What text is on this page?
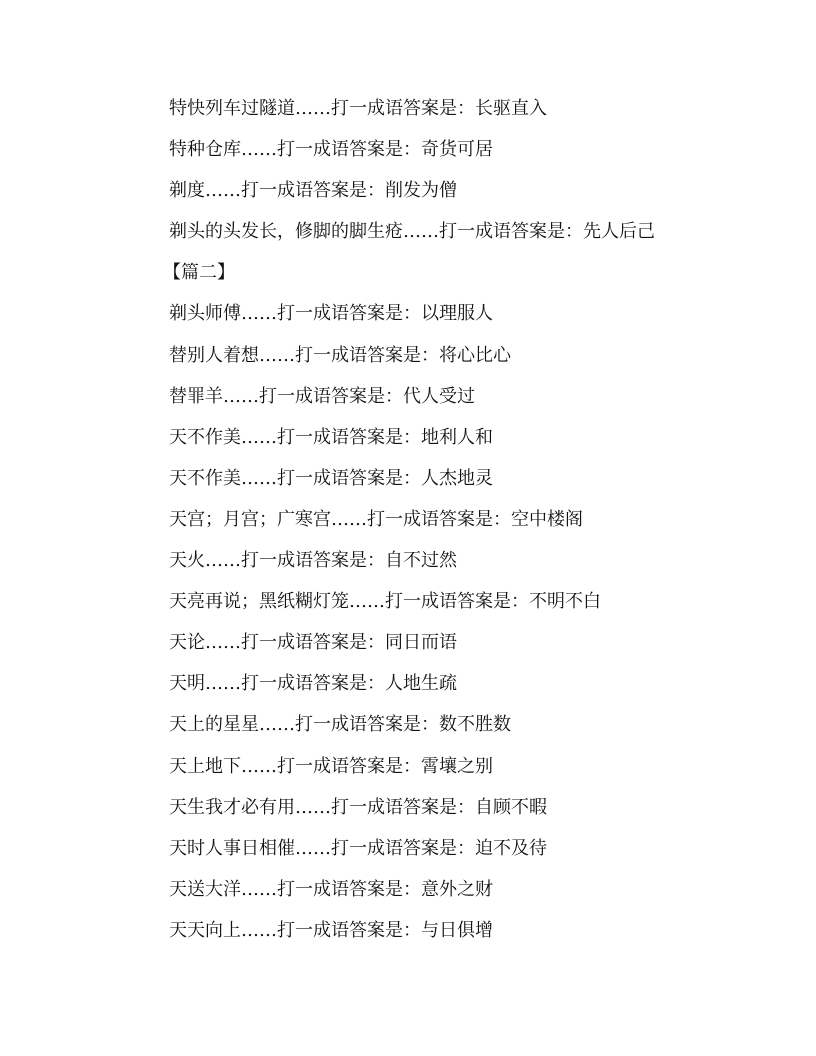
特快列车过隧道……打一成语答案是：长驱直入
特种仓库……打一成语答案是：奇货可居
剃度……打一成语答案是：削发为僧
剃头的头发长，修脚的脚生疮……打一成语答案是：先人后己
【篇二】
剃头师傅……打一成语答案是：以理服人
替别人着想……打一成语答案是：将心比心
替罪羊……打一成语答案是：代人受过
天不作美……打一成语答案是：地利人和
天不作美……打一成语答案是：人杰地灵
天宫；月宫；广寒宫……打一成语答案是：空中楼阁
天火……打一成语答案是：自不过然
天亮再说；黑纸糊灯笼……打一成语答案是：不明不白
天论……打一成语答案是：同日而语
天明……打一成语答案是：人地生疏
天上的星星……打一成语答案是：数不胜数
天上地下……打一成语答案是：霄壤之别
天生我才必有用……打一成语答案是：自顾不暇
天时人事日相催……打一成语答案是：迫不及待
天送大洋……打一成语答案是：意外之财
天天向上……打一成语答案是：与日俱增
